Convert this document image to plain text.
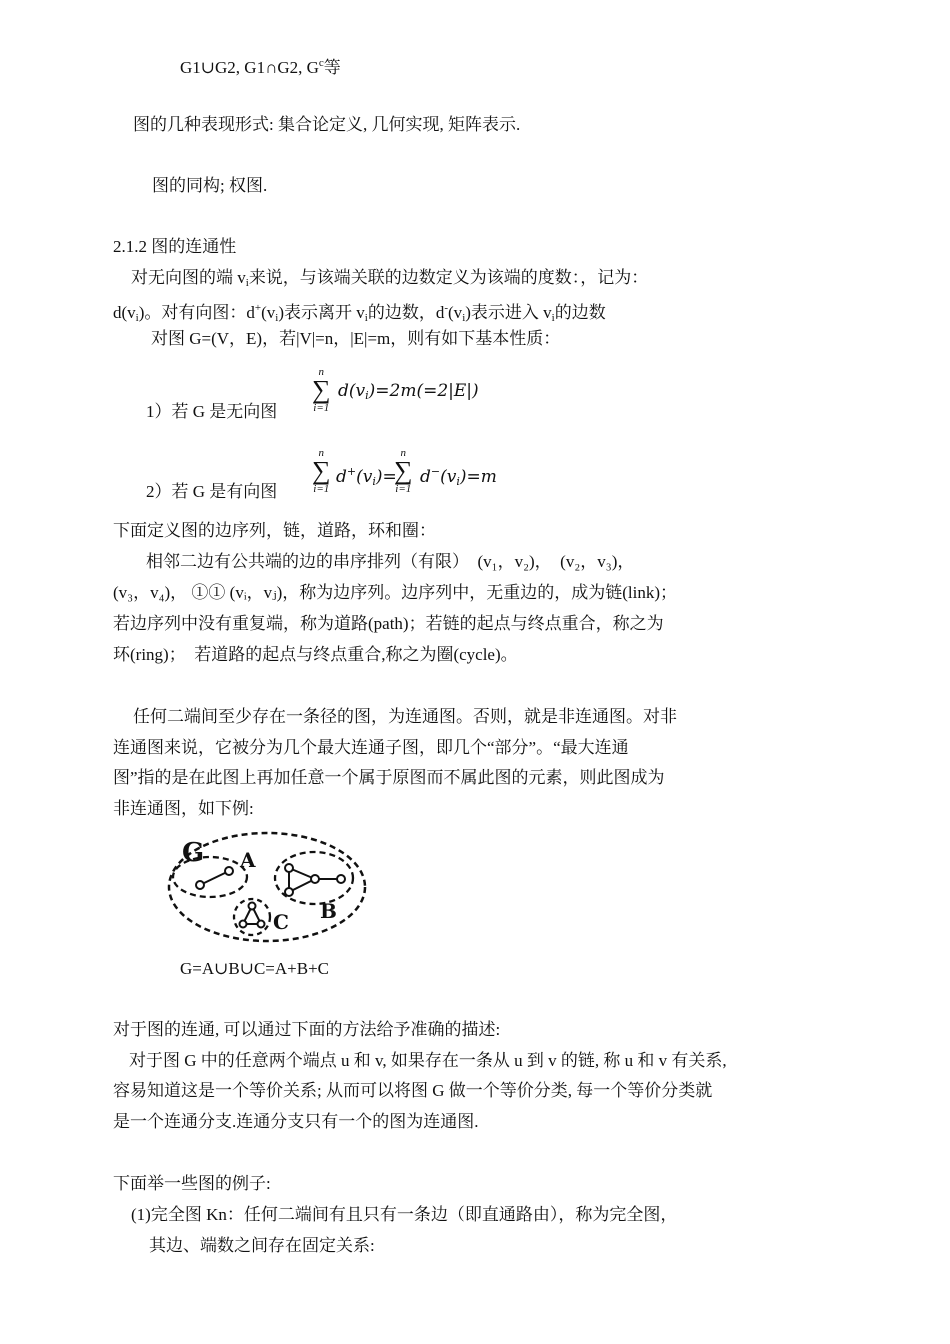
G1∪G2, G1∩G2, $G^c$等
图的几种表现形式: 集合论定义, 几何实现, 矩阵表示.
图的同构; 权图.
2.1.2 图的连通性
对无向图的端 $v_i$来说，与该端关联的边数定义为该端的度数：，记为：
$d(v_i)$。对有向图：$d^+(v_i)$表示离开 $v_i$的边数，$d^-(v_i)$表示进入 $v_i$的边数
对图 G=(V，E)，若|V|=n，|E|=m，则有如下基本性质：
1）若 G 是无向图
n
∑
i=1
$d(v_i)=2m(=2|E|)$
2）若 G 是有向图
n
∑
i=1
$d^+(v_i)=$
n
∑
i=1
$d^-(v_i)=m$
下面定义图的边序列，链，道路，环和圈：
相邻二边有公共端的边的串序排列（有限）　(v₁，v₂)，　(v₂，v₃)，
(v₃，v₄)， ①① (vᵢ，vⱼ)，称为边序列。边序列中，无重边的，成为链(link)；
若边序列中没有重复端，称为道路(path)；若链的起点与终点重合，称之为
环(ring)；　若道路的起点与终点重合,称之为圈(cycle)。
任何二端间至少存在一条径的图，为连通图。否则，就是非连通图。对非
连通图来说，它被分为几个最大连通子图，即几个“部分”。“最大连通
图”指的是在此图上再加任意一个属于原图而不属此图的元素，则此图成为
非连通图，如下例:
G A
B
C
G=A∪B∪C=A+B+C
对于图的连通, 可以通过下面的方法给予准确的描述:
对于图 G 中的任意两个端点 u 和 v, 如果存在一条从 u 到 v 的链, 称 u 和 v 有关系,
容易知道这是一个等价关系; 从而可以将图 G 做一个等价分类, 每一个等价分类就
是一个连通分支.连通分支只有一个的图为连通图.
下面举一些图的例子:
(1)完全图 Kn：任何二端间有且只有一条边（即直通路由），称为完全图，
其边、端数之间存在固定关系:
